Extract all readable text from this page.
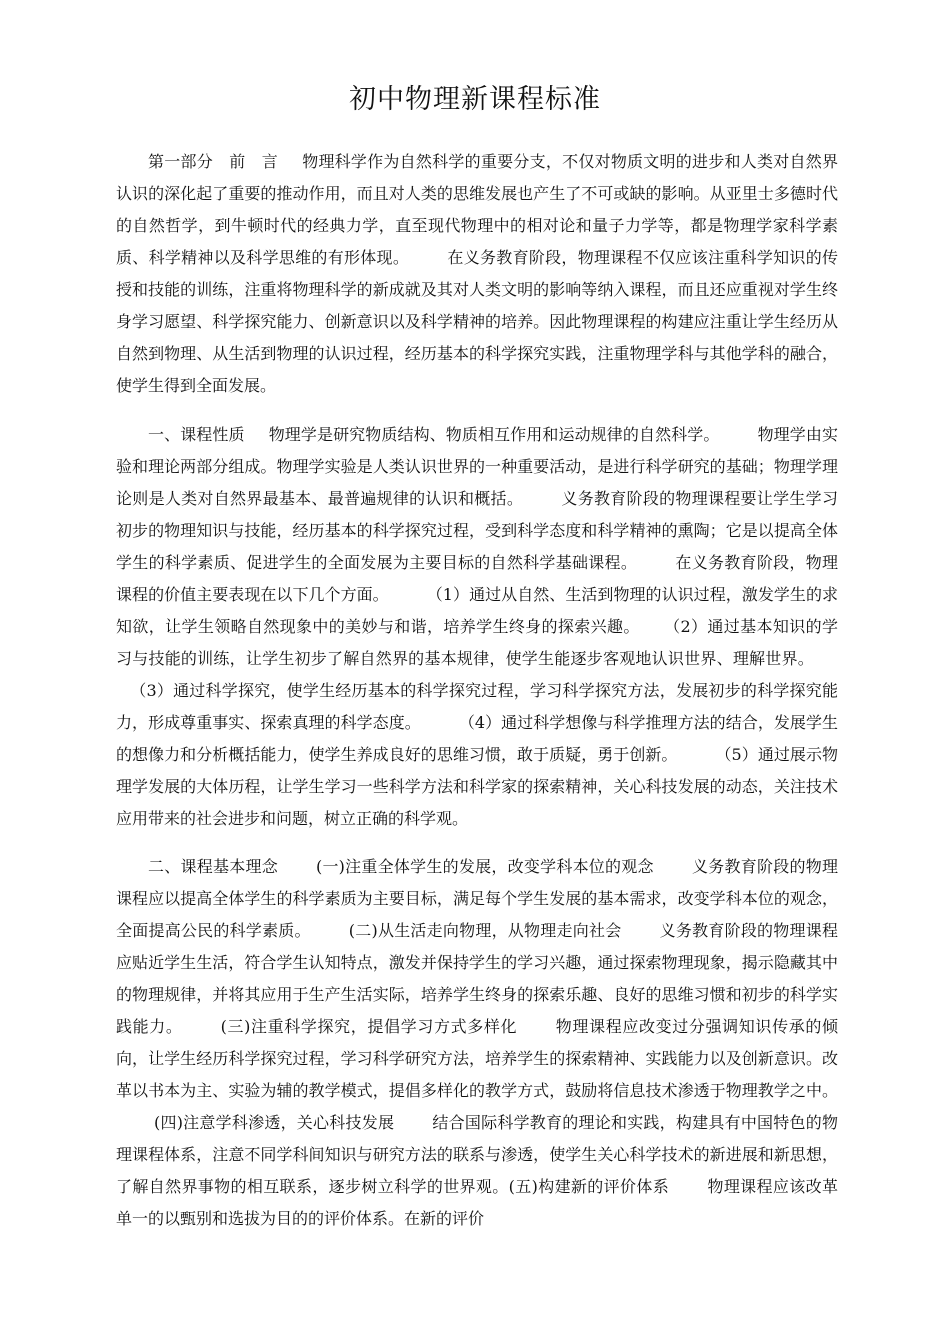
初中物理新课程标准

第一部分　前　言 物理科学作为自然科学的重要分支，不仅对物质文明的进步和人类对自然界认识的深化起了重要的推动作用，而且对人类的思维发展也产生了不可或缺的影响。从亚里士多德时代的自然哲学，到牛顿时代的经典力学，直至现代物理中的相对论和量子力学等，都是物理学家科学素质、科学精神以及科学思维的有形体现。 在义务教育阶段，物理课程不仅应该注重科学知识的传授和技能的训练，注重将物理科学的新成就及其对人类文明的影响等纳入课程，而且还应重视对学生终身学习愿望、科学探究能力、创新意识以及科学精神的培养。因此物理课程的构建应注重让学生经历从自然到物理、从生活到物理的认识过程，经历基本的科学探究实践，注重物理学科与其他学科的融合，使学生得到全面发展。

一、课程性质 物理学是研究物质结构、物质相互作用和运动规律的自然科学。 物理学由实验和理论两部分组成。物理学实验是人类认识世界的一种重要活动，是进行科学研究的基础；物理学理论则是人类对自然界最基本、最普遍规律的认识和概括。 义务教育阶段的物理课程要让学生学习初步的物理知识与技能，经历基本的科学探究过程，受到科学态度和科学精神的熏陶；它是以提高全体学生的科学素质、促进学生的全面发展为主要目标的自然科学基础课程。 在义务教育阶段，物理课程的价值主要表现在以下几个方面。 （1）通过从自然、生活到物理的认识过程，激发学生的求知欲，让学生领略自然现象中的美妙与和谐，培养学生终身的探索兴趣。 （2）通过基本知识的学习与技能的训练，让学生初步了解自然界的基本规律，使学生能逐步客观地认识世界、理解世界。（3）通过科学探究，使学生经历基本的科学探究过程，学习科学探究方法，发展初步的科学探究能力，形成尊重事实、探索真理的科学态度。 （4）通过科学想像与科学推理方法的结合，发展学生的想像力和分析概括能力，使学生养成良好的思维习惯，敢于质疑，勇于创新。 （5）通过展示物理学发展的大体历程，让学生学习一些科学方法和科学家的探索精神，关心科技发展的动态，关注技术应用带来的社会进步和问题，树立正确的科学观。

二、课程基本理念 (一)注重全体学生的发展，改变学科本位的观念 义务教育阶段的物理课程应以提高全体学生的科学素质为主要目标，满足每个学生发展的基本需求，改变学科本位的观念，全面提高公民的科学素质。 (二)从生活走向物理，从物理走向社会 义务教育阶段的物理课程应贴近学生生活，符合学生认知特点，激发并保持学生的学习兴趣，通过探索物理现象，揭示隐藏其中的物理规律，并将其应用于生产生活实际，培养学生终身的探索乐趣、良好的思维习惯和初步的科学实践能力。 (三)注重科学探究，提倡学习方式多样化 物理课程应改变过分强调知识传承的倾向，让学生经历科学探究过程，学习科学研究方法，培养学生的探索精神、实践能力以及创新意识。改革以书本为主、实验为辅的教学模式，提倡多样化的教学方式，鼓励将信息技术渗透于物理教学之中。(四)注意学科渗透，关心科技发展 结合国际科学教育的理论和实践，构建具有中国特色的物理课程体系，注意不同学科间知识与研究方法的联系与渗透，使学生关心科学技术的新进展和新思想，了解自然界事物的相互联系，逐步树立科学的世界观。(五)构建新的评价体系 物理课程应该改革单一的以甄别和选拔为目的的评价体系。在新的评价
